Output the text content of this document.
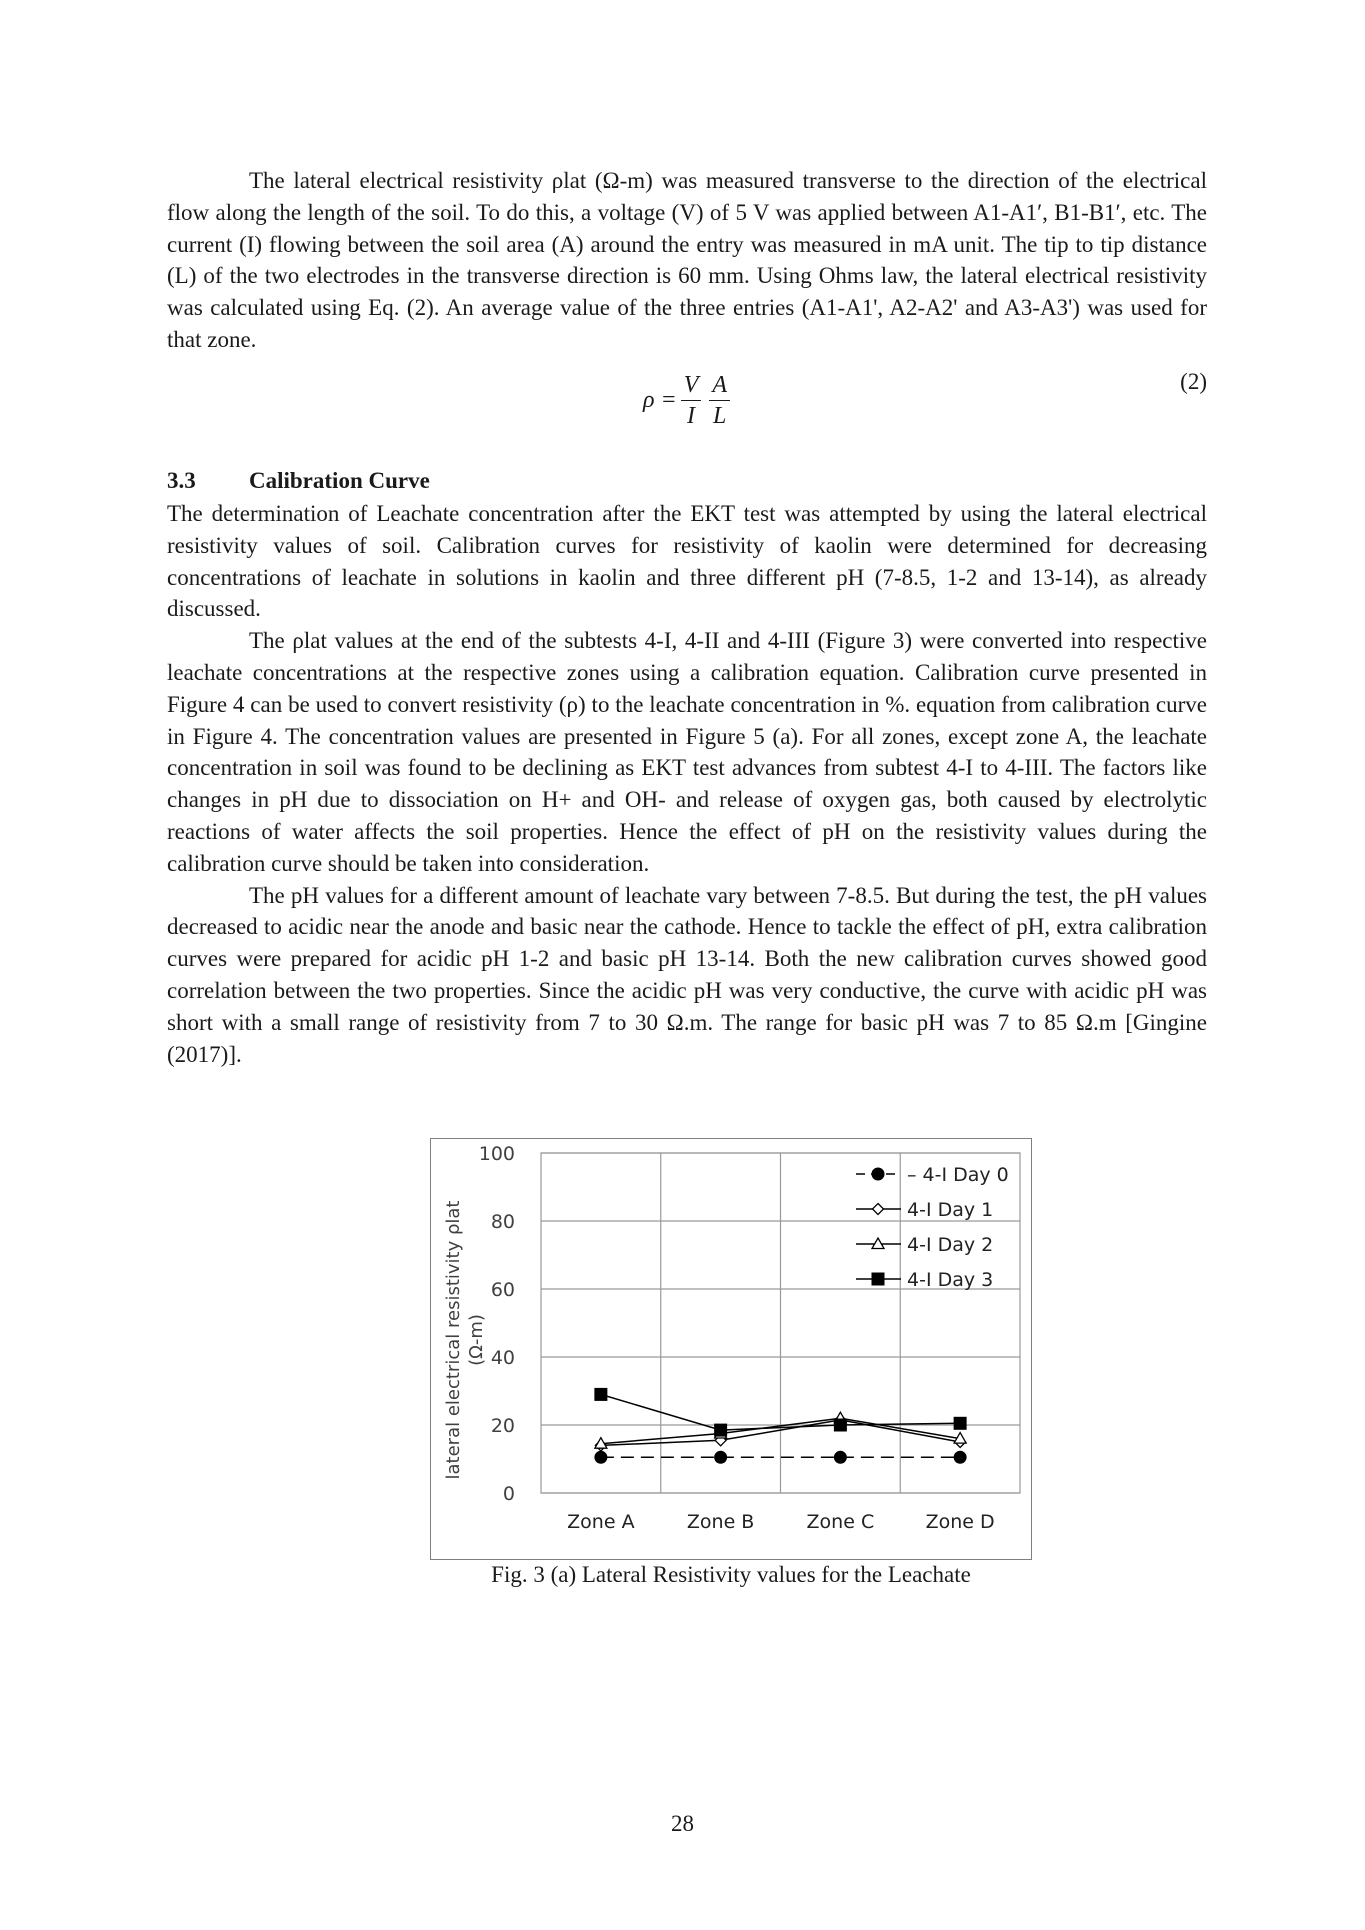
The lateral electrical resistivity ρlat (Ω-m) was measured transverse to the direction of the electrical flow along the length of the soil. To do this, a voltage (V) of 5 V was applied between A1-A1′, B1-B1′, etc. The current (I) flowing between the soil area (A) around the entry was measured in mA unit. The tip to tip distance (L) of the two electrodes in the transverse direction is 60 mm. Using Ohms law, the lateral electrical resistivity was calculated using Eq. (2). An average value of the three entries (A1-A1', A2-A2' and A3-A3') was used for that zone.

$\rho = \frac{V}{I} \frac{A}{L}$	(2)
3.3 Calibration Curve

The determination of Leachate concentration after the EKT test was attempted by using the lateral electrical resistivity values of soil. Calibration curves for resistivity of kaolin were determined for decreasing concentrations of leachate in solutions in kaolin and three different pH (7-8.5, 1-2 and 13-14), as already discussed.

The ρlat values at the end of the subtests 4-I, 4-II and 4-III (Figure 3) were converted into respective leachate concentrations at the respective zones using a calibration equation. Calibration curve presented in Figure 4 can be used to convert resistivity (ρ) to the leachate concentration in %. equation from calibration curve in Figure 4. The concentration values are presented in Figure 5 (a). For all zones, except zone A, the leachate concentration in soil was found to be declining as EKT test advances from subtest 4-I to 4-III. The factors like changes in pH due to dissociation on H+ and OH- and release of oxygen gas, both caused by electrolytic reactions of water affects the soil properties. Hence the effect of pH on the resistivity values during the calibration curve should be taken into consideration.

The pH values for a different amount of leachate vary between 7-8.5. But during the test, the pH values decreased to acidic near the anode and basic near the cathode. Hence to tackle the effect of pH, extra calibration curves were prepared for acidic pH 1-2 and basic pH 13-14. Both the new calibration curves showed good correlation between the two properties. Since the acidic pH was very conductive, the curve with acidic pH was short with a small range of resistivity from 7 to 30 Ω.m. The range for basic pH was 7 to 85 Ω.m [Gingine (2017)].

0
20
40
60
80
100
Zone A	Zone B	Zone C	Zone D
– 4-I Day 0
4-I Day 1
4-I Day 2
4-I Day 3
lateral electrical resistivity ρlat (Ω-m)
Fig. 3 (a) Lateral Resistivity values for the Leachate
28
